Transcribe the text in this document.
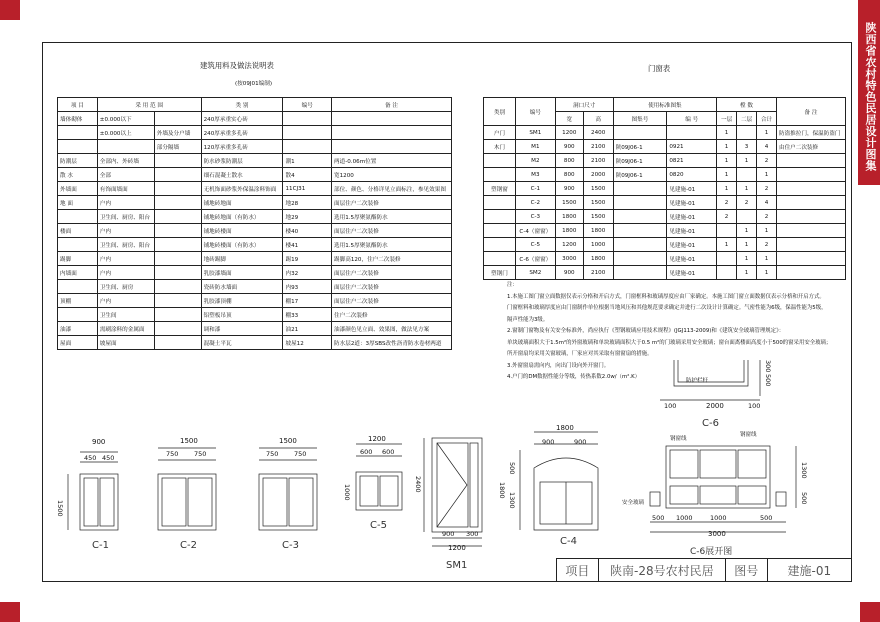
陕西省农村特色民居设计图集
建筑用料及做法说明表
(按09J01编制)
项 目	采 用 范 围		类 别	编号	备 注
墙体砌体	±0.000以下		240厚承重实心砖		
	±0.000以上	外墙及分户墙	240厚承重多孔砖		
		部分隔墙	120厚承重多孔砖		
防潮层	全部内、外砖墙		防水砂浆防潮层	潮1	两道-0.06m位置
散 水	全部		细石混凝土散水	散4	宽1200
外墙面	有饰面墙面		无机饰面砂浆外保温涂料饰面	11CJ31	部位、颜色、分格详见立面标注，参见效果图
地 面	户内		铺地砖地面	地28	面层住户二次装修
	卫生间、厨房、阳台		铺地砖地面（有防水）	地29	选用1.5厚聚氨酯防水
楼面	户内		铺地砖楼面	楼40	面层住户二次装修
	卫生间、厨房、阳台		铺地砖楼面（有防水）	楼41	选用1.5厚聚氨酯防水
踢脚	户内		地砖踢脚	踢19	踢脚高120，住户二次装修
内墙面	户内		乳胶漆墙面	内32	面层住户二次装修
	卫生间、厨房		瓷砖防水墙面	内93	面层住户二次装修
顶棚	户内		乳胶漆顶棚	棚17	面层住户二次装修
	卫生间		铝塑板吊顶	棚33	住户二次装修
油漆	需刷涂料的金属面		调和漆	油21	油漆颜色见立面、效果图，做法见方案
屋面	坡屋面		混凝土平瓦	坡屋12	防水层2道：3厚SBS改性沥青防水卷材两道
门窗表
类别	编号	洞口尺寸		使用标准图集		樘 数			备 注
		宽	高	图集号	编 号	一层	二层	合计	
户门	SM1	1200	2400			1		1	防盗推拉门，保温防盗门
木门	M1	900	2100	陕09J06-1	0921	1	3	4	由住户二次装修
	M2	800	2100	陕09J06-1	0821	1	1	2	
	M3	800	2000	陕09J06-1	0820	1		1	
塑钢窗	C-1	900	1500		见建施-01	1	1	2	
	C-2	1500	1500		见建施-01	2	2	4	
	C-3	1800	1500		见建施-01	2		2	
	C-4（窗窗）	1800	1800		见建施-01		1	1	
	C-5	1200	1000		见建施-01	1	1	2	
	C-6（窗窗）	3000	1800		见建施-01		1	1	
塑钢门	SM2	900	2100		见建施-01		1	1	
注：
1.本施工图门窗立面数据仅表示分格和开启方式，门窗框料和玻璃厚度应由厂家确定。本施工图门窗立面数据仅表示分格和开启方式。
门窗框料和玻璃厚度应由门窗制作单位根据当地风压和其他规范要求确定并进行二次设计计算确定。气密性能为6级，保温性能为5级，
隔声性能为3级。
2.窗制门窗物及有关安全标准外，尚应执行《塑钢玻璃应用技术规程》(JGJ113-2009)和《建筑安全玻璃管理规定》：
单块玻璃面积大于1.5m²的外窗玻璃和单块玻璃面积大于0.5 m²的门玻璃采用安全玻璃；窗台面离楼面高度小于500的窗采用安全玻璃；
所开窗扇均采用关窗玻璃，厂家应对其采取有窗窗扇的措施。
3.外窗窗扇需向内，向出门设向外开窗门。
4.户门的DM数据性能分等级，传热系数2.0w/（m².K）
900
450 450
1500
C-1
1500
750 750
C-2
1500
750 750
C-3
1200
600 600
1000
C-5
2400
900 300
1200
SM1
1800
900	900
1800
500
1300
C-4
防护栏杆
100	2000	100
500
300
C-6
钢窗线
钢窗线
安全玻璃
500 1000	1000	500
3000
1300
500
C-6展开图
项目	陕南-28号农村民居	图号	建施-01
